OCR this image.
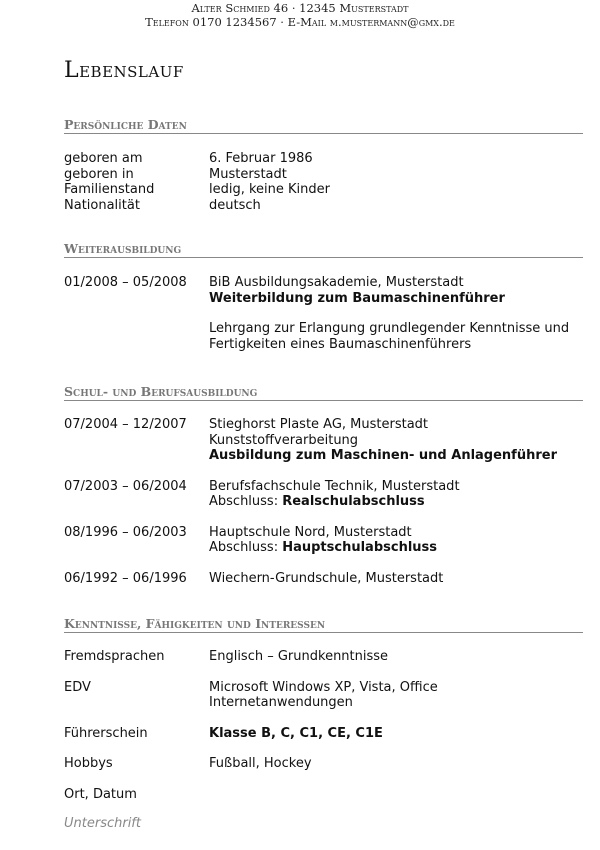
Alter Schmied 46 · 12345 Musterstadt
Telefon 0170 1234567 · E-Mail m.mustermann@gmx.de
Lebenslauf
Persönliche Daten
geboren am	6. Februar 1986
geboren in	Musterstadt
Familienstand	ledig, keine Kinder
Nationalität	deutsch
Weiterausbildung
01/2008 – 05/2008 BiB Ausbildungsakademie, Musterstadt
Weiterbildung zum Baumaschinenführer
Lehrgang zur Erlangung grundlegender Kenntnisse und
Fertigkeiten eines Baumaschinenführers
Schul- und Berufsausbildung
07/2004 – 12/2007 Stieghorst Plaste AG, Musterstadt
Kunststoffverarbeitung
Ausbildung zum Maschinen- und Anlagenführer
07/2003 – 06/2004 Berufsfachschule Technik, Musterstadt
Abschluss: Realschulabschluss
08/1996 – 06/2003 Hauptschule Nord, Musterstadt
Abschluss: Hauptschulabschluss
06/1992 – 06/1996 Wiechern-Grundschule, Musterstadt
Kenntnisse, Fähigkeiten und Interessen
Fremdsprachen	Englisch – Grundkenntnisse
EDV	Microsoft Windows XP, Vista, Office
Internetanwendungen
Führerschein	Klasse B, C, C1, CE, C1E
Hobbys	Fußball, Hockey
Ort, Datum
Unterschrift
